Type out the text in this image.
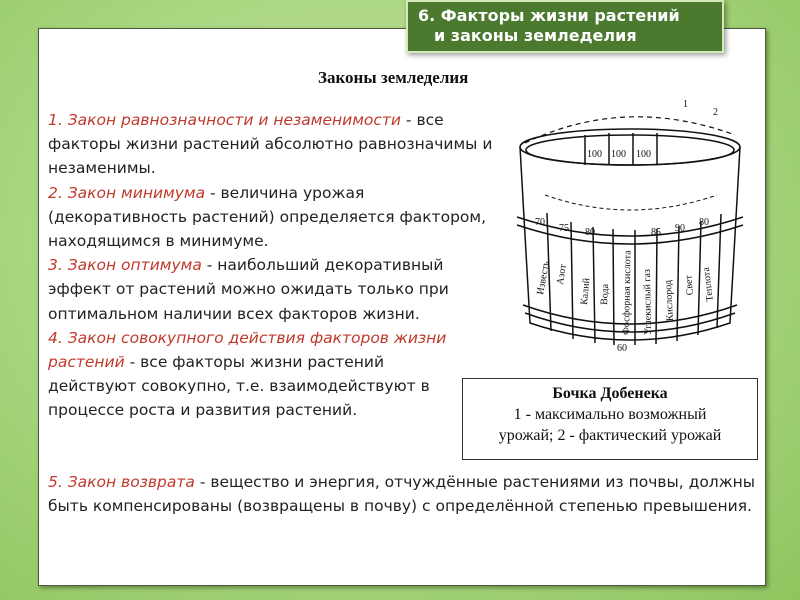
6. Факторы жизни растений
и законы земледелия
Законы земледелия

1. Закон равнозначности и незаменимости - все факторы жизни растений абсолютно равнозначимы и незаменимы.

2. Закон минимума - величина урожая (декоративность растений) определяется фактором, находящимся в минимуме.

3. Закон оптимума - наибольший декоративный эффект от растений можно ожидать только при оптимальном наличии всех факторов жизни.

4. Закон совокупного действия факторов жизни растений - все факторы жизни растений действуют совокупно, т.е. взаимодействуют в процессе роста и развития растений.

5. Закон возврата - вещество и энергия, отчуждённые растениями из почвы, должны быть компенсированы (возвращены в почву) с определённой степенью превышения.
1
2
100 100 100
70
75 80	85 90
80
60
Известь Азот
Калий Вода Фосфорная кислота Углекислый газ Кислород Свет Теплота
Бочка Добенека
1 - максимально возможный
урожай; 2 - фактический урожай
